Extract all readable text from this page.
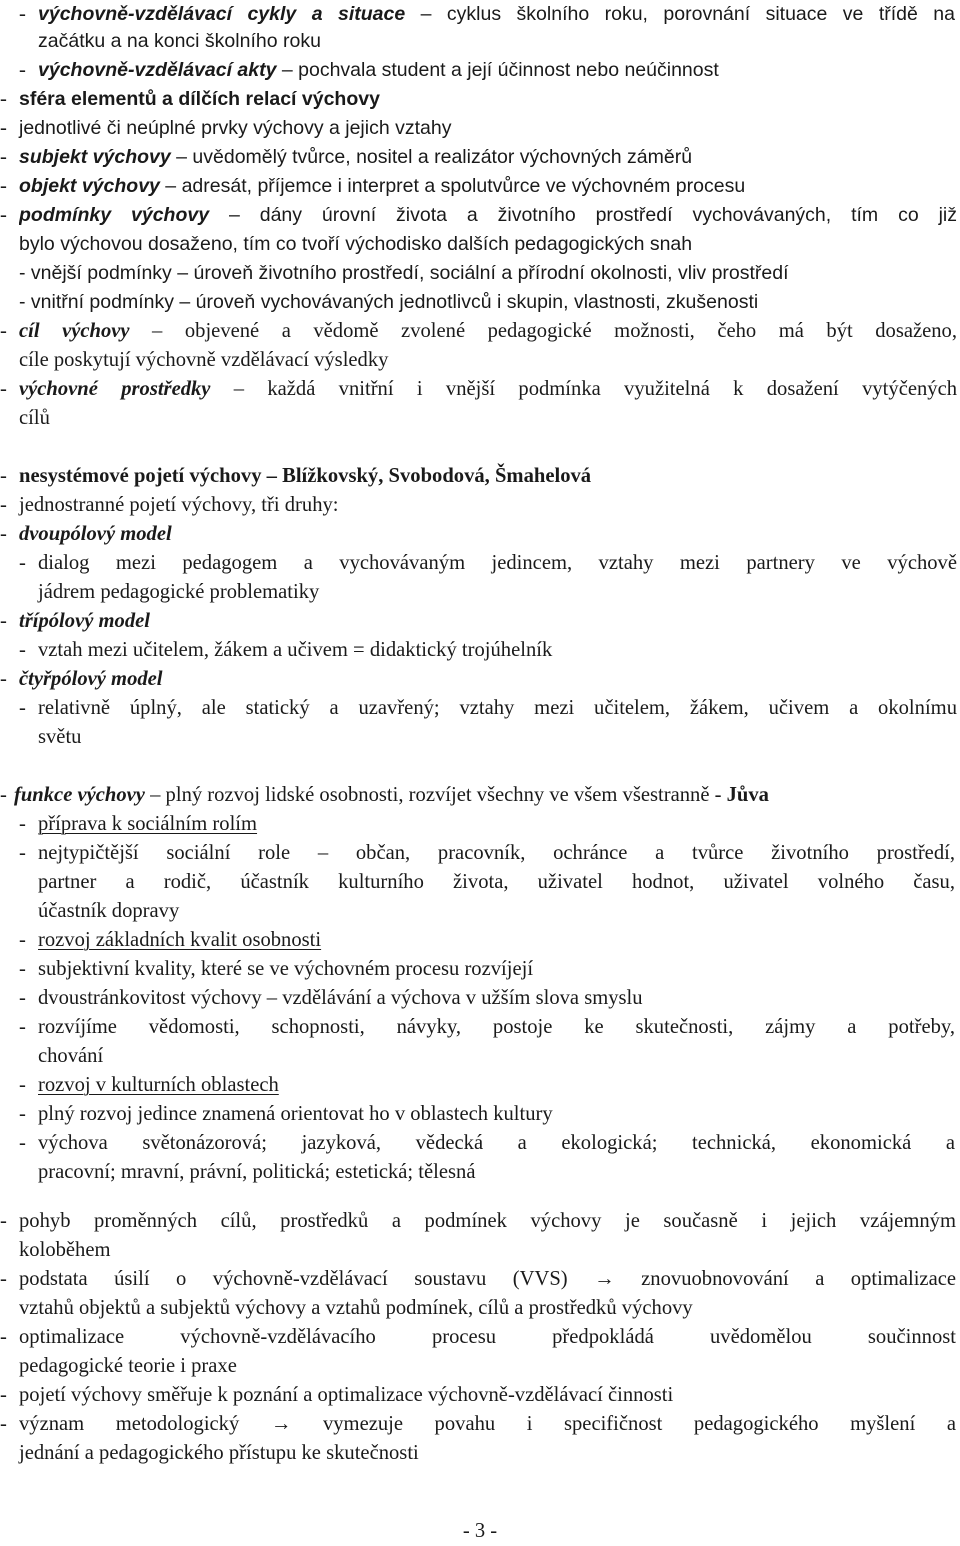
- výchovně-vzdělávací cykly a situace – cyklus školního roku, porovnání situace ve třídě na
začátku a na konci školního roku
- výchovně-vzdělávací akty – pochvala student a její účinnost nebo neúčinnost
- sféra elementů a dílčích relací výchovy
- jednotlivé či neúplné prvky výchovy a jejich vztahy
- subjekt výchovy – uvědomělý tvůrce, nositel a realizátor výchovných záměrů
- objekt výchovy – adresát, příjemce i interpret a spolutvůrce ve výchovném procesu
- podmínky výchovy – dány úrovní života a životního prostředí vychovávaných, tím co již
bylo výchovou dosaženo, tím co tvoří východisko dalších pedagogických snah
- vnější podmínky – úroveň životního prostředí, sociální a přírodní okolnosti, vliv prostředí
- vnitřní podmínky – úroveň vychovávaných jednotlivců i skupin, vlastnosti, zkušenosti
- cíl výchovy – objevené a vědomě zvolené pedagogické možnosti, čeho má být dosaženo,
cíle poskytují výchovně vzdělávací výsledky
- výchovné prostředky – každá vnitřní i vnější podmínka využitelná k dosažení vytýčených
cílů
- nesystémové pojetí výchovy – Blížkovský, Svobodová, Šmahelová
- jednostranné pojetí výchovy, tři druhy:
- dvoupólový model
- dialog mezi pedagogem a vychovávaným jedincem, vztahy mezi partnery ve výchově
jádrem pedagogické problematiky
- třípólový model
- vztah mezi učitelem, žákem a učivem = didaktický trojúhelník
- čtyřpólový model
- relativně úplný, ale statický a uzavřený; vztahy mezi učitelem, žákem, učivem a okolnímu
světu
- funkce výchovy – plný rozvoj lidské osobnosti, rozvíjet všechny ve všem všestranně - Jůva
- příprava k sociálním rolím
- nejtypičtější sociální role – občan, pracovník, ochránce a tvůrce životního prostředí,
partner a rodič, účastník kulturního života, uživatel hodnot, uživatel volného času,
účastník dopravy
- rozvoj základních kvalit osobnosti
- subjektivní kvality, které se ve výchovném procesu rozvíjejí
- dvoustránkovitost výchovy – vzdělávání a výchova v užším slova smyslu
- rozvíjíme vědomosti, schopnosti, návyky, postoje ke skutečnosti, zájmy a potřeby,
chování
- rozvoj v kulturních oblastech
- plný rozvoj jedince znamená orientovat ho v oblastech kultury
- výchova světonázorová; jazyková, vědecká a ekologická; technická, ekonomická a
pracovní; mravní, právní, politická; estetická; tělesná
- pohyb proměnných cílů, prostředků a podmínek výchovy je současně i jejich vzájemným
koloběhem
- podstata úsilí o výchovně-vzdělávací soustavu (VVS) → znovuobnovování a optimalizace
vztahů objektů a subjektů výchovy a vztahů podmínek, cílů a prostředků výchovy
- optimalizace výchovně-vzdělávacího procesu předpokládá uvědomělou součinnost
pedagogické teorie i praxe
- pojetí výchovy směřuje k poznání a optimalizace výchovně-vzdělávací činnosti
- význam metodologický → vymezuje povahu i specifičnost pedagogického myšlení a
jednání a pedagogického přístupu ke skutečnosti
- 3 -
